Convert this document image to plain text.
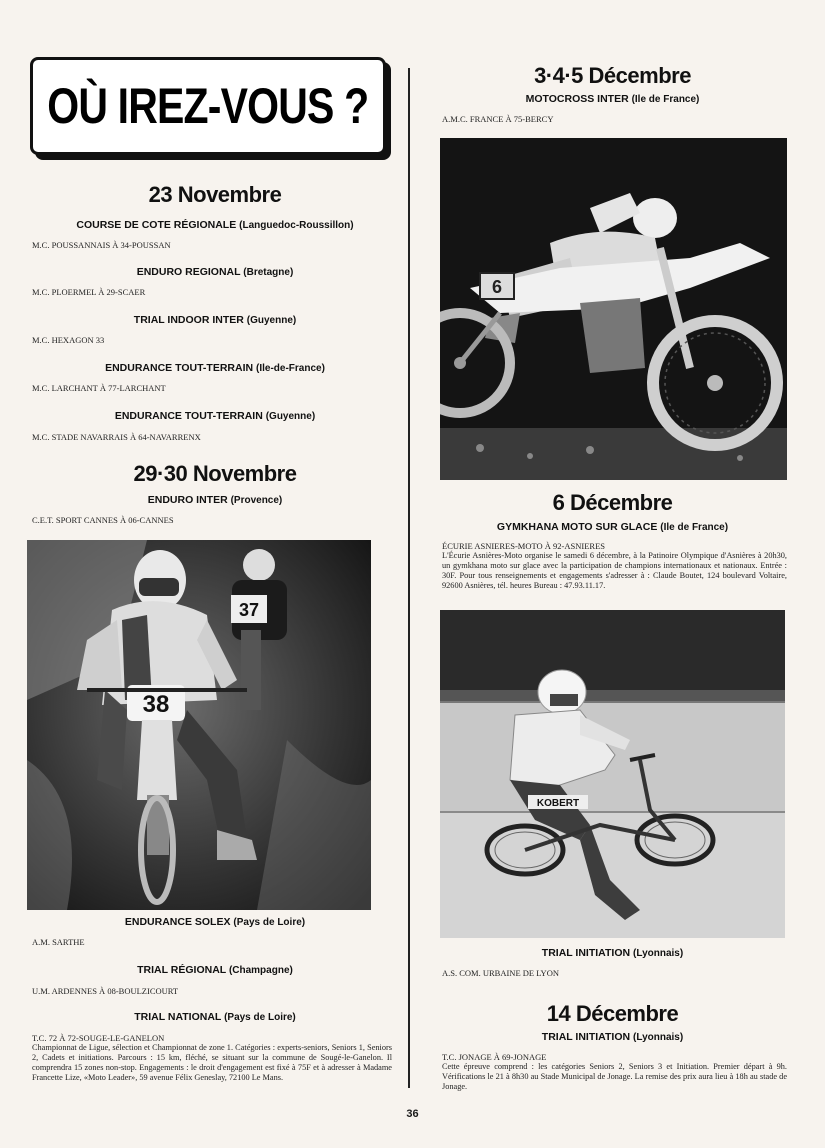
OÙ IREZ-VOUS ?
23 Novembre
COURSE DE COTE RÉGIONALE (Languedoc-Roussillon)
M.C. POUSSANNAIS À 34-POUSSAN
ENDURO REGIONAL (Bretagne)
M.C. PLOERMEL À 29-SCAER
TRIAL INDOOR INTER (Guyenne)
M.C. HEXAGON 33
ENDURANCE TOUT-TERRAIN (Ile-de-France)
M.C. LARCHANT À 77-LARCHANT
ENDURANCE TOUT-TERRAIN (Guyenne)
M.C. STADE NAVARRAIS À 64-NAVARRENX
29·30 Novembre
ENDURO INTER (Provence)
C.E.T. SPORT CANNES À 06-CANNES
37
38
ENDURANCE SOLEX (Pays de Loire)
A.M. SARTHE
TRIAL RÉGIONAL (Champagne)
U.M. ARDENNES À 08-BOULZICOURT
TRIAL NATIONAL (Pays de Loire)
T.C. 72 À 72-SOUGE-LE-GANELON
Championnat de Ligue, sélection et Championnat de zone 1. Catégories : experts-seniors, Seniors 1, Seniors 2, Cadets et initiations. Parcours : 15 km, fléché, se situant sur la commune de Sougé-le-Ganelon. Il comprendra 15 zones non-stop. Engagements : le droit d'engagement est fixé à 75F et à adresser à Madame Francette Lize, «Moto Leader», 59 avenue Félix Geneslay, 72100 Le Mans.
3·4·5 Décembre
MOTOCROSS INTER (Ile de France)
A.M.C. FRANCE À 75-BERCY
6
6 Décembre
GYMKHANA MOTO SUR GLACE (Ile de France)
ÉCURIE ASNIERES-MOTO À 92-ASNIERES
L'Écurie Asnières-Moto organise le samedi 6 décembre, à la Patinoire Olympique d'Asnières à 20h30, un gymkhana moto sur glace avec la participation de champions internationaux et nationaux. Entrée : 30F. Pour tous renseignements et engagements s'adresser à : Claude Boutet, 124 boulevard Voltaire, 92600 Asnières, tél. heures Bureau : 47.93.11.17.
KOBERT
TRIAL INITIATION (Lyonnais)
A.S. COM. URBAINE DE LYON
14 Décembre
TRIAL INITIATION (Lyonnais)
T.C. JONAGE À 69-JONAGE
Cette épreuve comprend : les catégories Seniors 2, Seniors 3 et Initiation. Premier départ à 9h. Vérifications le 21 à 8h30 au Stade Municipal de Jonage. La remise des prix aura lieu à 18h au stade de Jonage.
36
